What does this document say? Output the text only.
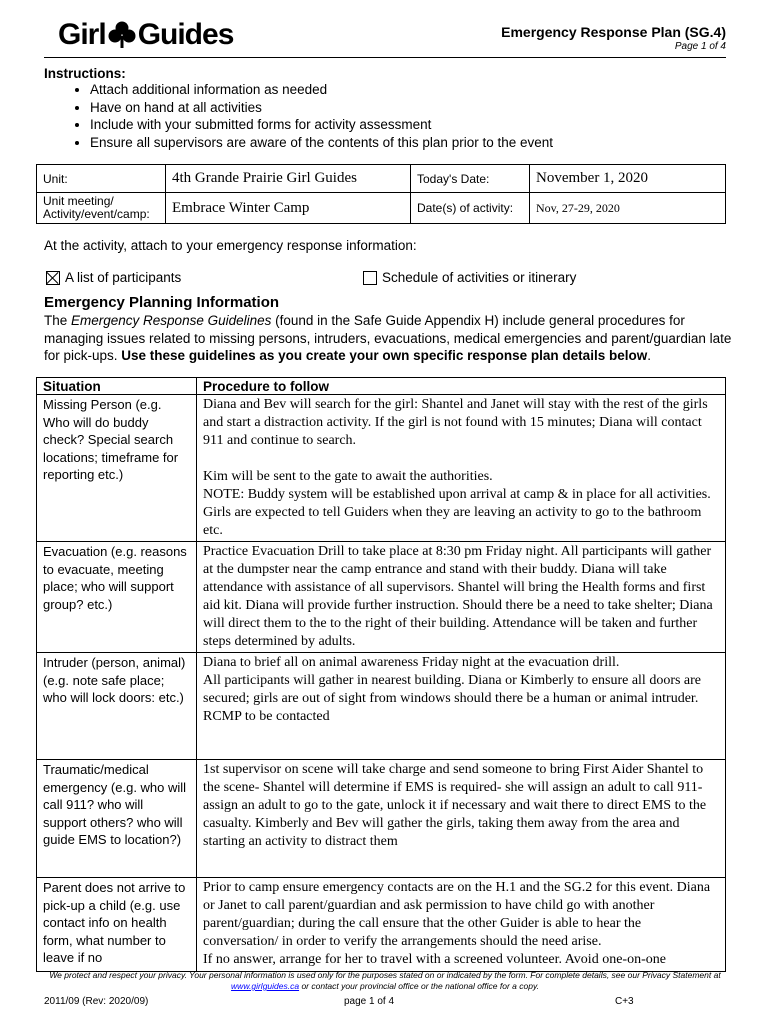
Girl Guides	Emergency Response Plan (SG.4)
Page 1 of 4
Instructions:
• Attach additional information as needed
• Have on hand at all activities
• Include with your submitted forms for activity assessment
• Ensure all supervisors are aware of the contents of this plan prior to the event
Unit:	4th Grande Prairie Girl Guides	Today's Date:	November 1, 2020

Unit meeting/
Activity/event/camp:	Embrace Winter Camp	Date(s) of activity:	Nov, 27-29, 2020
At the activity, attach to your emergency response information:
A list of participants	Schedule of activities or itinerary
Emergency Planning Information
The Emergency Response Guidelines (found in the Safe Guide Appendix H) include general procedures for managing issues related to missing persons, intruders, evacuations, medical emergencies and parent/guardian late for pick-ups. Use these guidelines as you create your own specific response plan details below.
Situation	Procedure to follow
Missing Person (e.g. Who will do buddy check? Special search locations; timeframe for reporting etc.)	Diana and Bev will search for the girl: Shantel and Janet will stay with the rest of the girls and start a distraction activity. If the girl is not found with 15 minutes; Diana will contact 911 and continue to search.
Kim will be sent to the gate to await the authorities.
NOTE: Buddy system will be established upon arrival at camp & in place for all activities. Girls are expected to tell Guiders when they are leaving an activity to go to the bathroom etc.

Evacuation (e.g. reasons to evacuate, meeting place; who will support group? etc.)	Practice Evacuation Drill to take place at 8:30 pm Friday night. All participants will gather at the dumpster near the camp entrance and stand with their buddy. Diana will take attendance with assistance of all supervisors. Shantel will bring the Health forms and first aid kit. Diana will provide further instruction. Should there be a need to take shelter; Diana will direct them to the to the right of their building. Attendance will be taken and further steps determined by adults.

Intruder (person, animal) (e.g. note safe place; who will lock doors: etc.)	Diana to brief all on animal awareness Friday night at the evacuation drill.
All participants will gather in nearest building. Diana or Kimberly to ensure all doors are secured; girls are out of sight from windows should there be a human or animal intruder. RCMP to be contacted

Traumatic/medical emergency (e.g. who will call 911? who will support others? who will guide EMS to location?)	1st supervisor on scene will take charge and send someone to bring First Aider Shantel to the scene- Shantel will determine if EMS is required- she will assign an adult to call 911- assign an adult to go to the gate, unlock it if necessary and wait there to direct EMS to the casualty. Kimberly and Bev will gather the girls, taking them away from the area and starting an activity to distract them

Parent does not arrive to pick-up a child (e.g. use contact info on health form, what number to leave if no	Prior to camp ensure emergency contacts are on the H.1 and the SG.2 for this event. Diana or Janet to call parent/guardian and ask permission to have child go with another parent/guardian; during the call ensure that the other Guider is able to hear the conversation/ in order to verify the arrangements should the need arise.
If no answer, arrange for her to travel with a screened volunteer. Avoid one-on-one
We protect and respect your privacy. Your personal information is used only for the purposes stated on or indicated by the form. For complete details, see our Privacy Statement at www.girlguides.ca or contact your provincial office or the national office for a copy.
2011/09 (Rev: 2020/09)	page 1 of 4	C+3
